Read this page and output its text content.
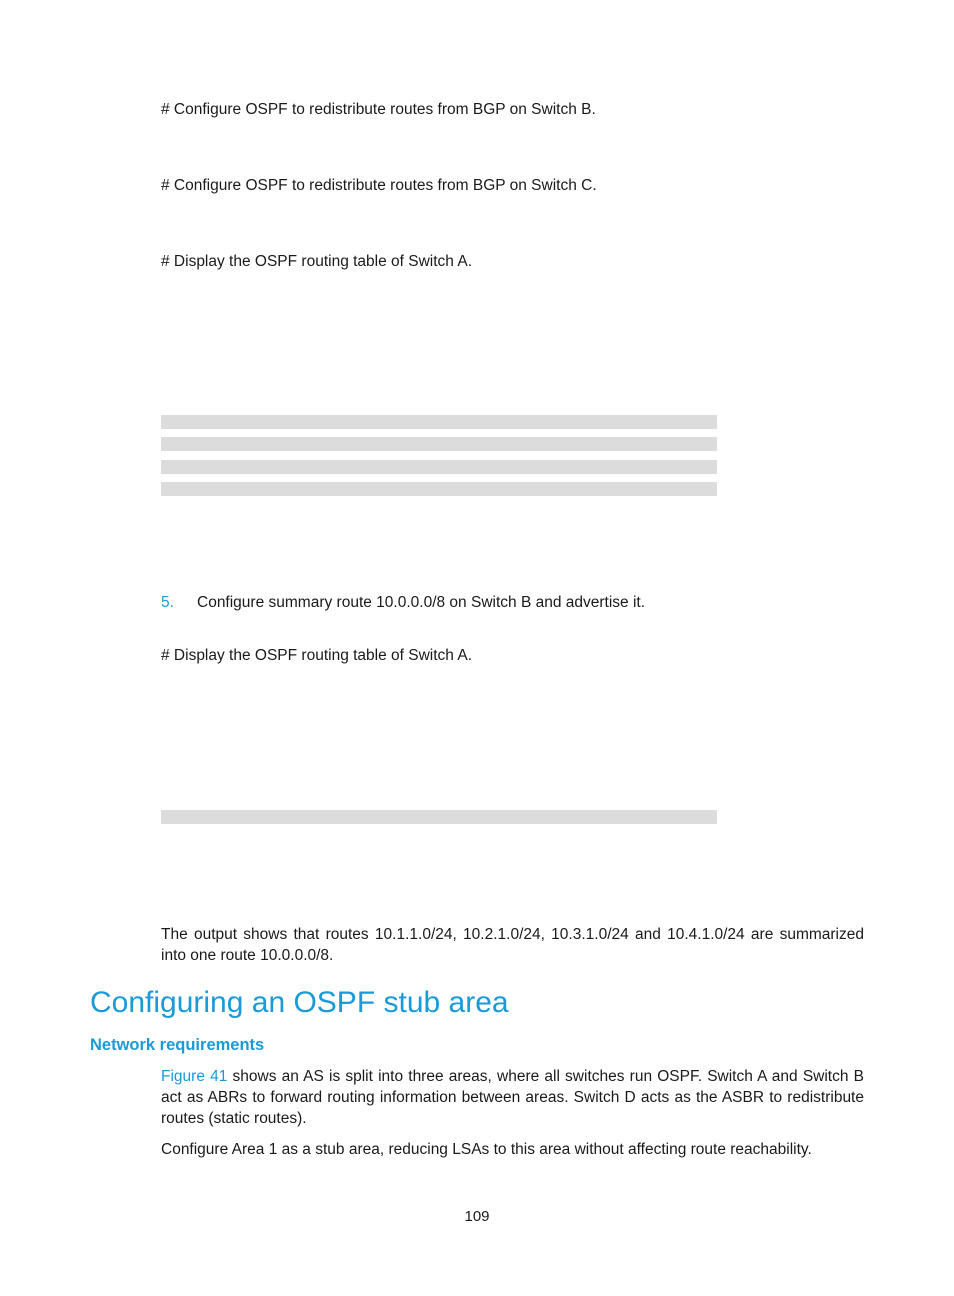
# Configure OSPF to redistribute routes from BGP on Switch B.
# Configure OSPF to redistribute routes from BGP on Switch C.
# Display the OSPF routing table of Switch A.
5. Configure summary route 10.0.0.0/8 on Switch B and advertise it.
# Display the OSPF routing table of Switch A.
The output shows that routes 10.1.1.0/24, 10.2.1.0/24, 10.3.1.0/24 and 10.4.1.0/24 are summarized into one route 10.0.0.0/8.
Configuring an OSPF stub area
Network requirements
Figure 41 shows an AS is split into three areas, where all switches run OSPF. Switch A and Switch B act as ABRs to forward routing information between areas. Switch D acts as the ASBR to redistribute routes (static routes).
Configure Area 1 as a stub area, reducing LSAs to this area without affecting route reachability.
109
